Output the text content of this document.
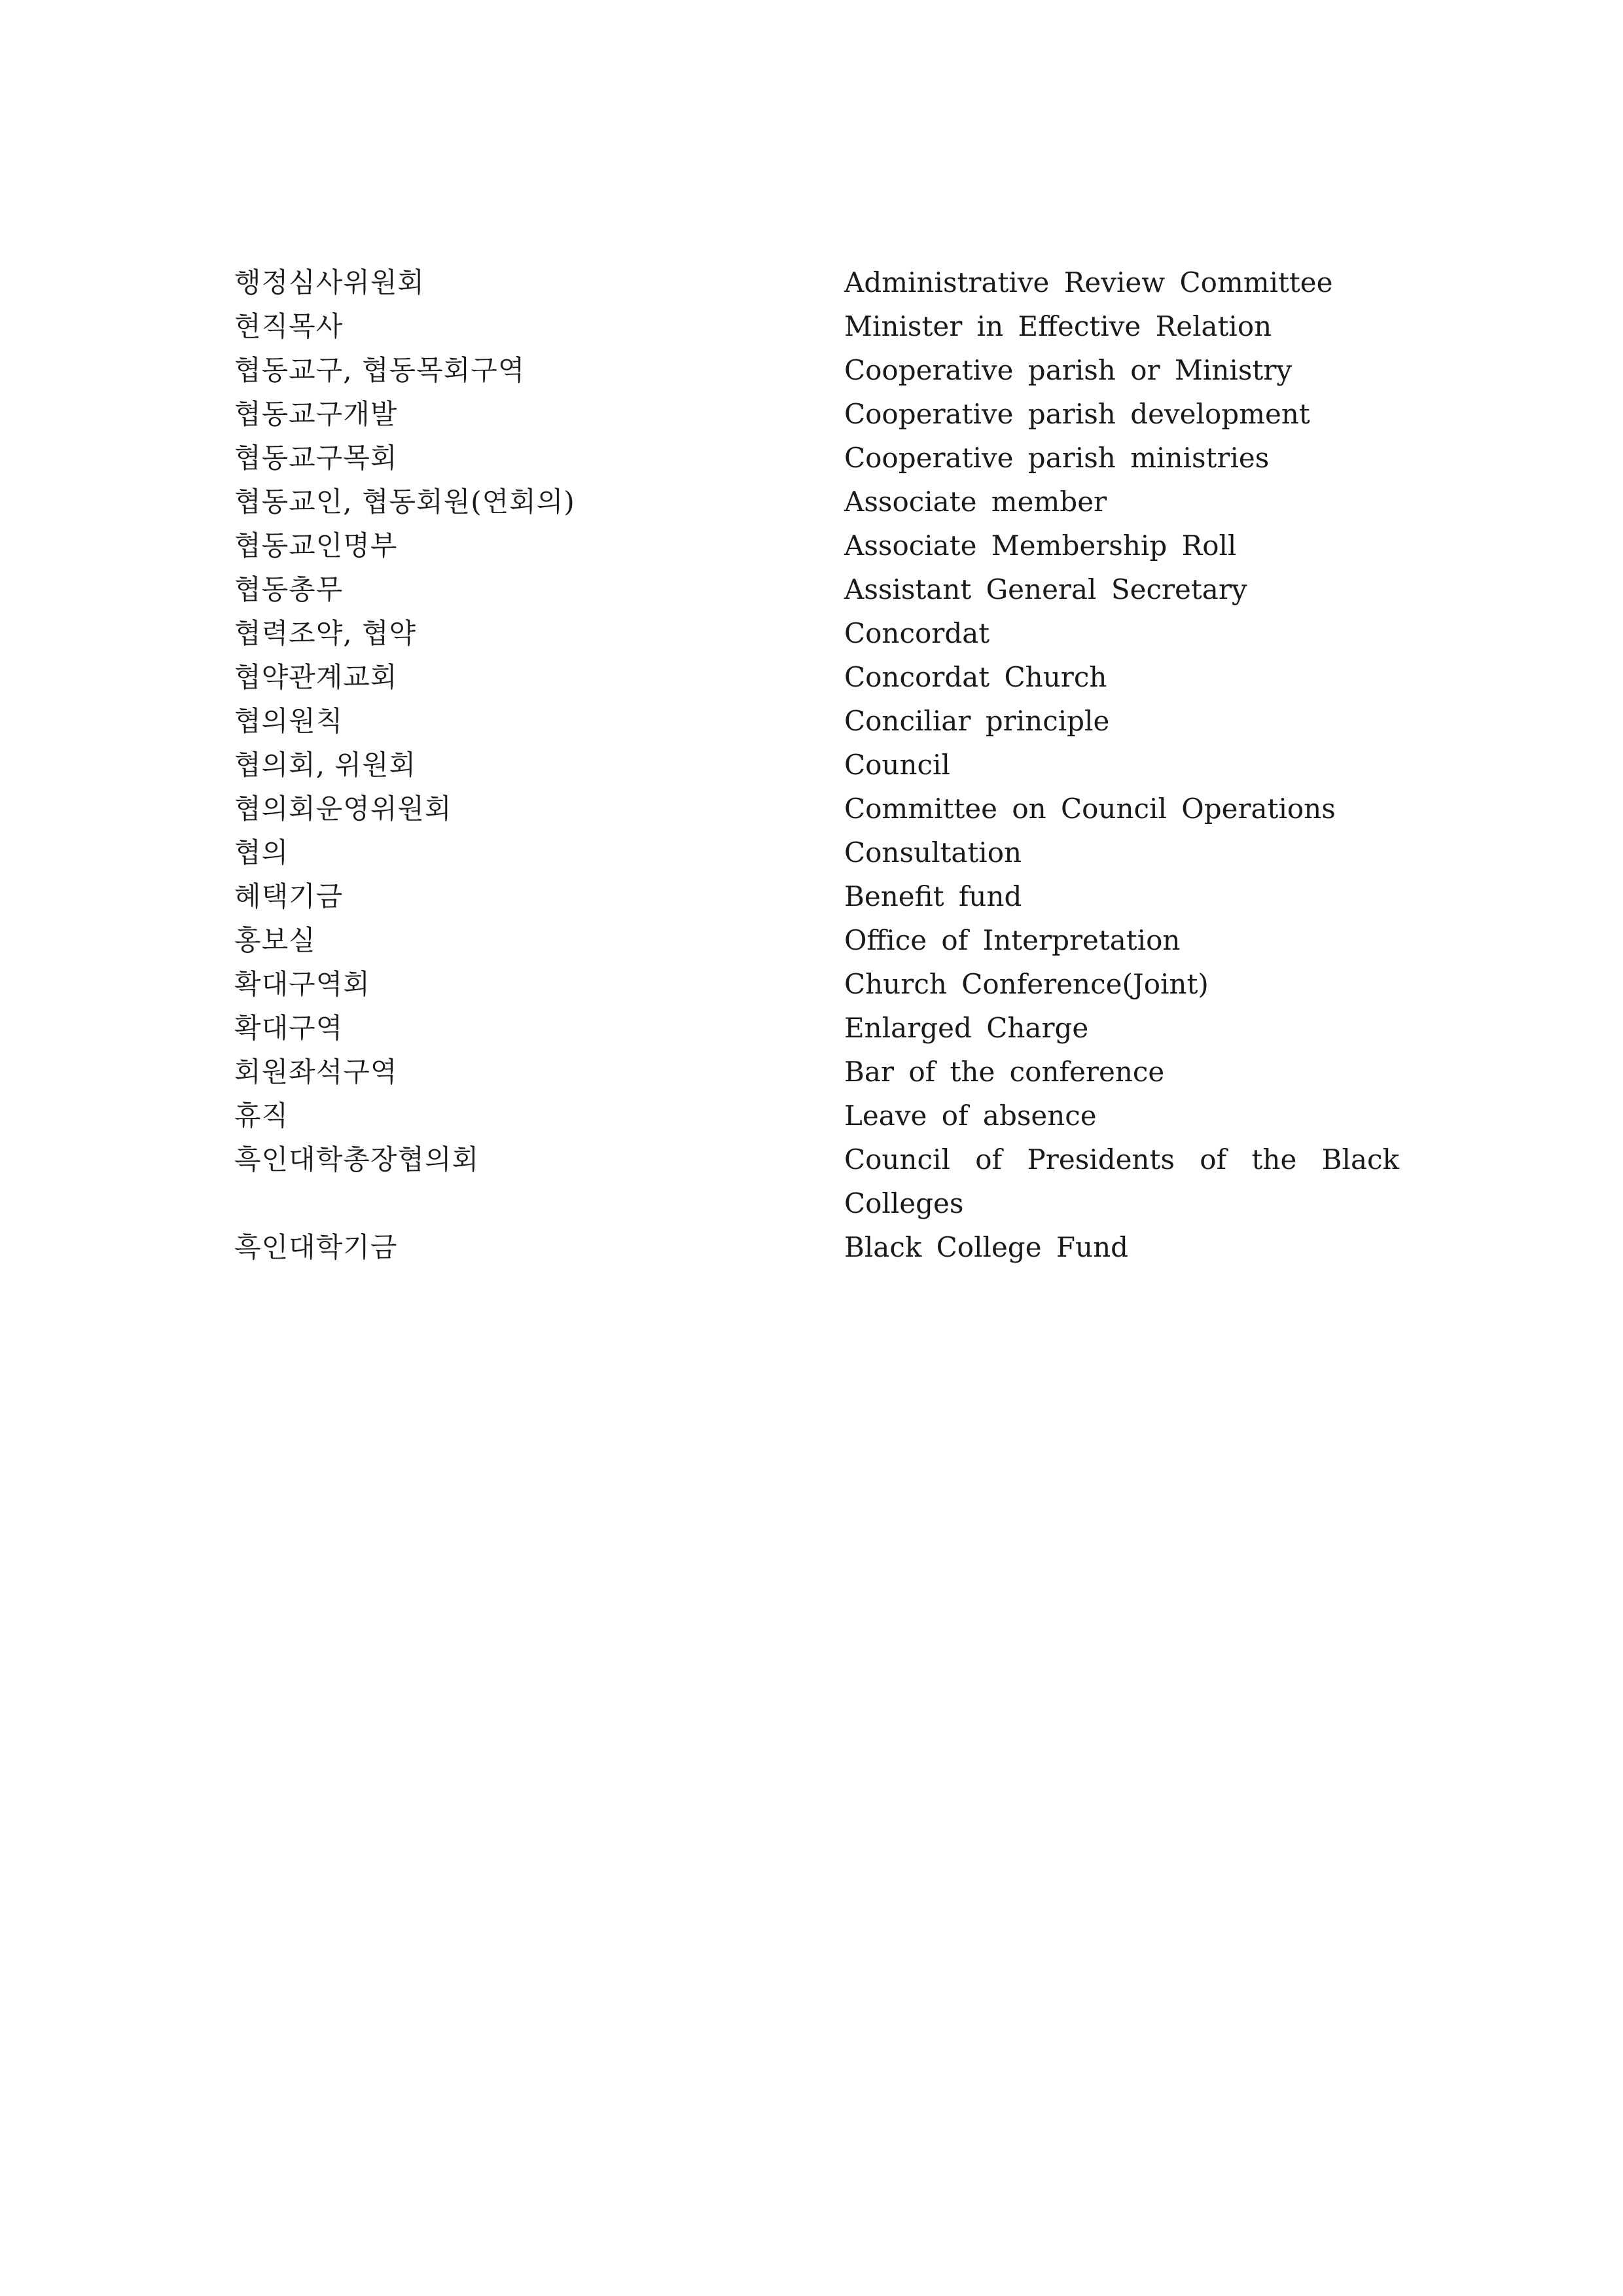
행정심사위원회	Administrative Review Committee
현직목사	Minister in Effective Relation
협동교구, 협동목회구역	Cooperative parish or Ministry
협동교구개발	Cooperative parish development
협동교구목회	Cooperative parish ministries
협동교인, 협동회원(연회의)	Associate member
협동교인명부	Associate Membership Roll
협동총무	Assistant General Secretary
협력조약, 협약	Concordat
협약관계교회	Concordat Church
협의원칙	Conciliar principle
협의회, 위원회	Council
협의회운영위원회	Committee on Council Operations
협의	Consultation
혜택기금	Benefit fund
홍보실	Office of Interpretation
확대구역회	Church Conference(Joint)
확대구역	Enlarged Charge
회원좌석구역	Bar of the conference
휴직	Leave of absence
흑인대학총장협의회	Council of Presidents of the Black Colleges
흑인대학기금	Black College Fund
